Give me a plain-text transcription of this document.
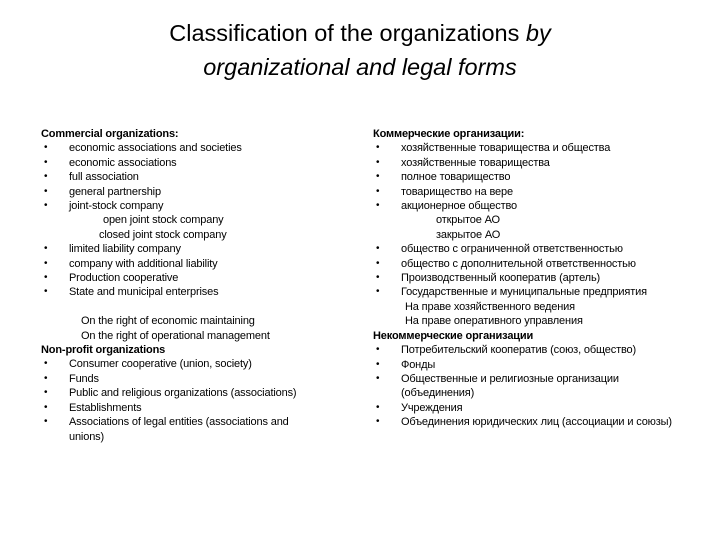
Classification of the organizations by
organizational and legal forms
Commercial organizations:
• economic associations and societies
• economic associations
• full association
• general partnership
• joint-stock company
open joint stock company
closed joint stock company
• limited liability company
• company with additional liability
• Production cooperative
• State and municipal enterprises
On the right of economic maintaining
On the right of operational management
Non-profit organizations
• Consumer cooperative (union, society)
• Funds
• Public and religious organizations (associations)
• Establishments
• Associations of legal entities (associations and unions)
Коммерческие организации:
• хозяйственные товарищества и общества
• хозяйственные товарищества
• полное товарищество
• товарищество на вере
• акционерное общество
открытое АО
закрытое АО
• общество с ограниченной ответственностью
• общество с дополнительной ответственностью
• Производственный кооператив (артель)
• Государственные и муниципальные предприятия
На праве хозяйственного ведения
На праве оперативного управления
Некоммерческие организации
• Потребительский кооператив (союз, общество)
• Фонды
• Общественные и религиозные организации (объединения)
• Учреждения
• Объединения юридических лиц (ассоциации и союзы)
